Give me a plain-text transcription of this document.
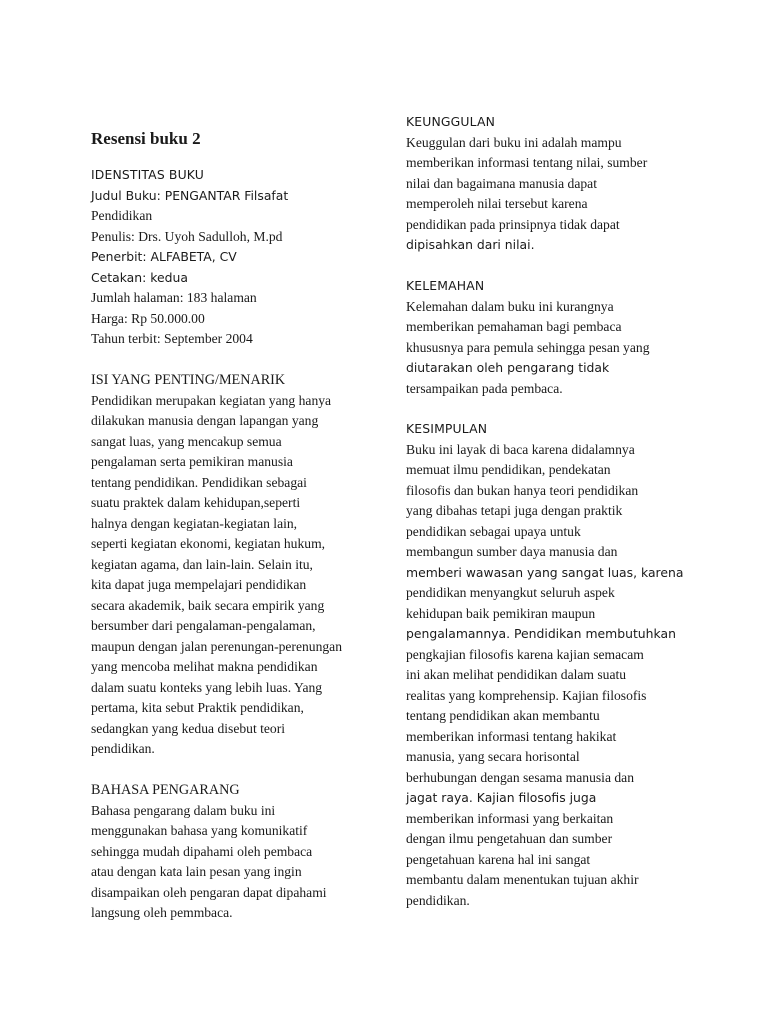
Resensi buku 2
IDENSTITAS BUKU
Judul Buku: PENGANTAR Filsafat
Pendidikan
Penulis: Drs. Uyoh Sadulloh, M.pd
Penerbit: ALFABETA, CV
Cetakan: kedua
Jumlah halaman: 183 halaman
Harga: Rp 50.000.00
Tahun terbit: September 2004
ISI YANG PENTING/MENARIK
Pendidikan merupakan kegiatan yang hanya
dilakukan manusia dengan lapangan yang
sangat luas, yang mencakup semua
pengalaman serta pemikiran manusia
tentang pendidikan. Pendidikan sebagai
suatu praktek dalam kehidupan,seperti
halnya dengan kegiatan-kegiatan lain,
seperti kegiatan ekonomi, kegiatan hukum,
kegiatan agama, dan lain-lain. Selain itu,
kita dapat juga mempelajari pendidikan
secara akademik, baik secara empirik yang
bersumber dari pengalaman-pengalaman,
maupun dengan jalan perenungan-perenungan
yang mencoba melihat makna pendidikan
dalam suatu konteks yang lebih luas. Yang
pertama, kita sebut Praktik pendidikan,
sedangkan yang kedua disebut teori
pendidikan.
BAHASA PENGARANG
Bahasa pengarang dalam buku ini
menggunakan bahasa yang komunikatif
sehingga mudah dipahami oleh pembaca
atau dengan kata lain pesan yang ingin
disampaikan oleh pengaran dapat dipahami
langsung oleh pemmbaca.
KEUNGGULAN
Keuggulan dari buku ini adalah mampu
memberikan informasi tentang nilai, sumber
nilai dan bagaimana manusia dapat
memperoleh nilai tersebut karena
pendidikan pada prinsipnya tidak dapat
dipisahkan dari nilai.
KELEMAHAN
Kelemahan dalam buku ini kurangnya
memberikan pemahaman bagi pembaca
khususnya para pemula sehingga pesan yang
diutarakan oleh pengarang tidak
tersampaikan pada pembaca.
KESIMPULAN
Buku ini layak di baca karena didalamnya
memuat ilmu pendidikan, pendekatan
filosofis dan bukan hanya teori pendidikan
yang dibahas tetapi juga dengan praktik
pendidikan sebagai upaya untuk
membangun sumber daya manusia dan
memberi wawasan yang sangat luas, karena
pendidikan menyangkut seluruh aspek
kehidupan baik pemikiran maupun
pengalamannya. Pendidikan membutuhkan
pengkajian filosofis karena kajian semacam
ini akan melihat pendidikan dalam suatu
realitas yang komprehensip. Kajian filosofis
tentang pendidikan akan membantu
memberikan informasi tentang hakikat
manusia, yang secara horisontal
berhubungan dengan sesama manusia dan
jagat raya. Kajian filosofis juga
memberikan informasi yang berkaitan
dengan ilmu pengetahuan dan sumber
pengetahuan karena hal ini sangat
membantu dalam menentukan tujuan akhir
pendidikan.
